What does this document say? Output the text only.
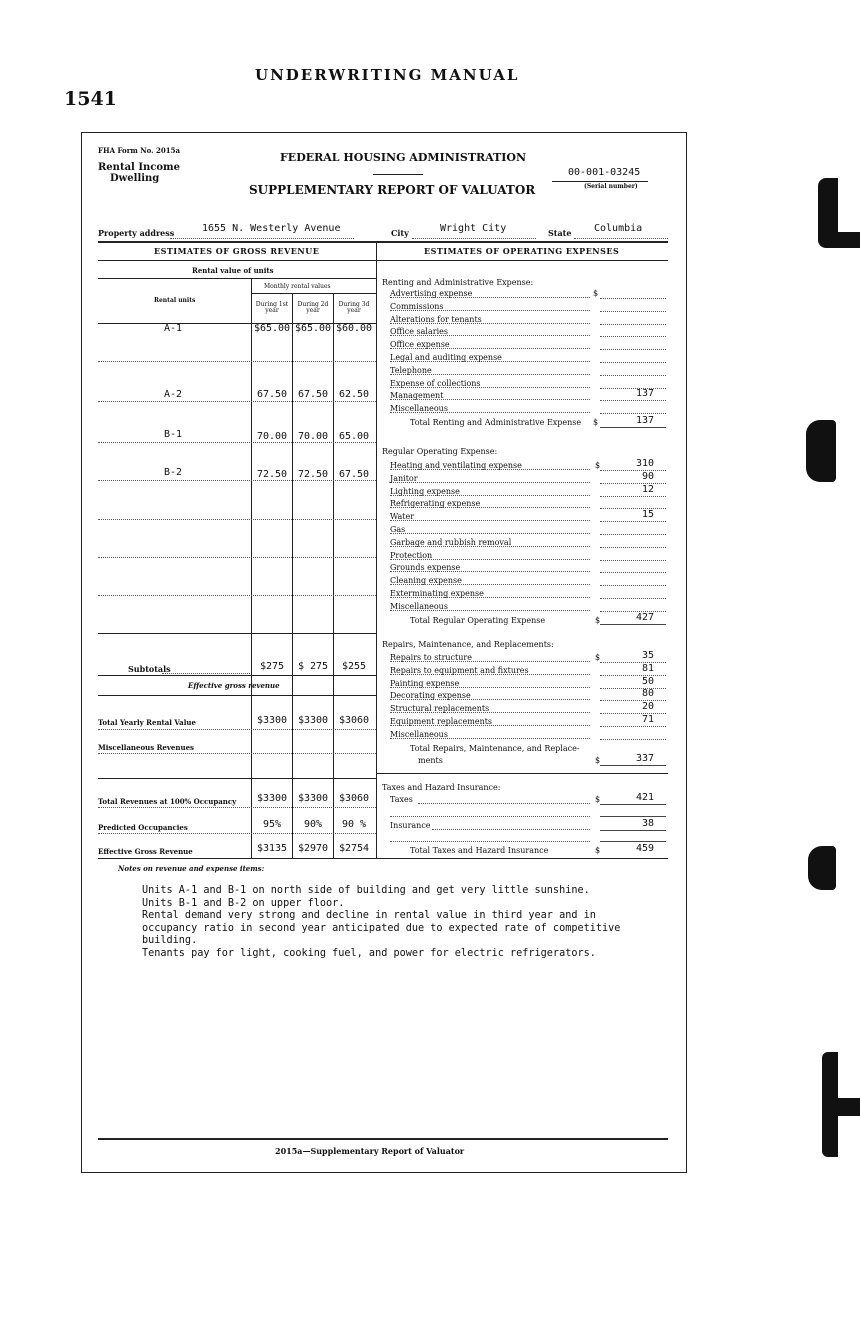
UNDERWRITING MANUAL
1541
FHA Form No. 2015a
Rental Income
Dwelling
FEDERAL HOUSING ADMINISTRATION
SUPPLEMENTARY REPORT OF VALUATOR
00-001-03245
(Serial number)
Property address	1655 N. Westerly Avenue	City	Wright City	State Columbia
ESTIMATES OF GROSS REVENUE	ESTIMATES OF OPERATING EXPENSES
Rental value of units
Monthly rental values
Rental units
During 1st year
During 2d year
During 3d year
A-1	$65.00 $65.00 $60.00
A-2	67.50	67.50	62.50
B-1	70.00	70.00	65.00
B-2	72.50	72.50	67.50
Subtotals	$275	$ 275	$255
Effective gross revenue
Total Yearly Rental Value	$3300	$3300	$3060
Miscellaneous Revenues
Total Revenues at 100% Occupancy	$3300	$3300	$3060
Predicted Occupancies	95%	90%	90 %
Effective Gross Revenue	$3135	$2970	$2754
Renting and Administrative Expense:
$
Advertising expense
Commissions
Alterations for tenants
Office salaries
Office expense
Legal and auditing expense
Telephone
Expense of collections
Management	137
Miscellaneous
Total Renting and Administrative Expense $	137
Regular Operating Expense:
Heating and ventilating expense	310
Janitor	90
Lighting expense	12
Refrigerating expense
Water	15
Gas
Garbage and rubbish removal
Protection
Grounds expense
Cleaning expense
Exterminating expense
Miscellaneous
$
Total Regular Operating Expense	$	427
Repairs, Maintenance, and Replacements:
Repairs to structure	35
Repairs to equipment and fixtures	81
Painting expense	50
Decorating expense	80
Structural replacements	20
Equipment replacements	71
Miscellaneous
$
Total Repairs, Maintenance, and Replace-
ments	$	337
Taxes and Hazard Insurance:
Taxes	$	421
Insurance	38
Total Taxes and Hazard Insurance	$	459
Notes on revenue and expense items:
2015a—Supplementary Report of Valuator
Units A-1 and B-1 on north side of building and get very little sunshine.
Units B-1 and B-2 on upper floor.
Rental demand very strong and decline in rental value in third year and in
occupancy ratio in second year anticipated due to expected rate of competitive
building.
Tenants pay for light, cooking fuel, and power for electric refrigerators.
